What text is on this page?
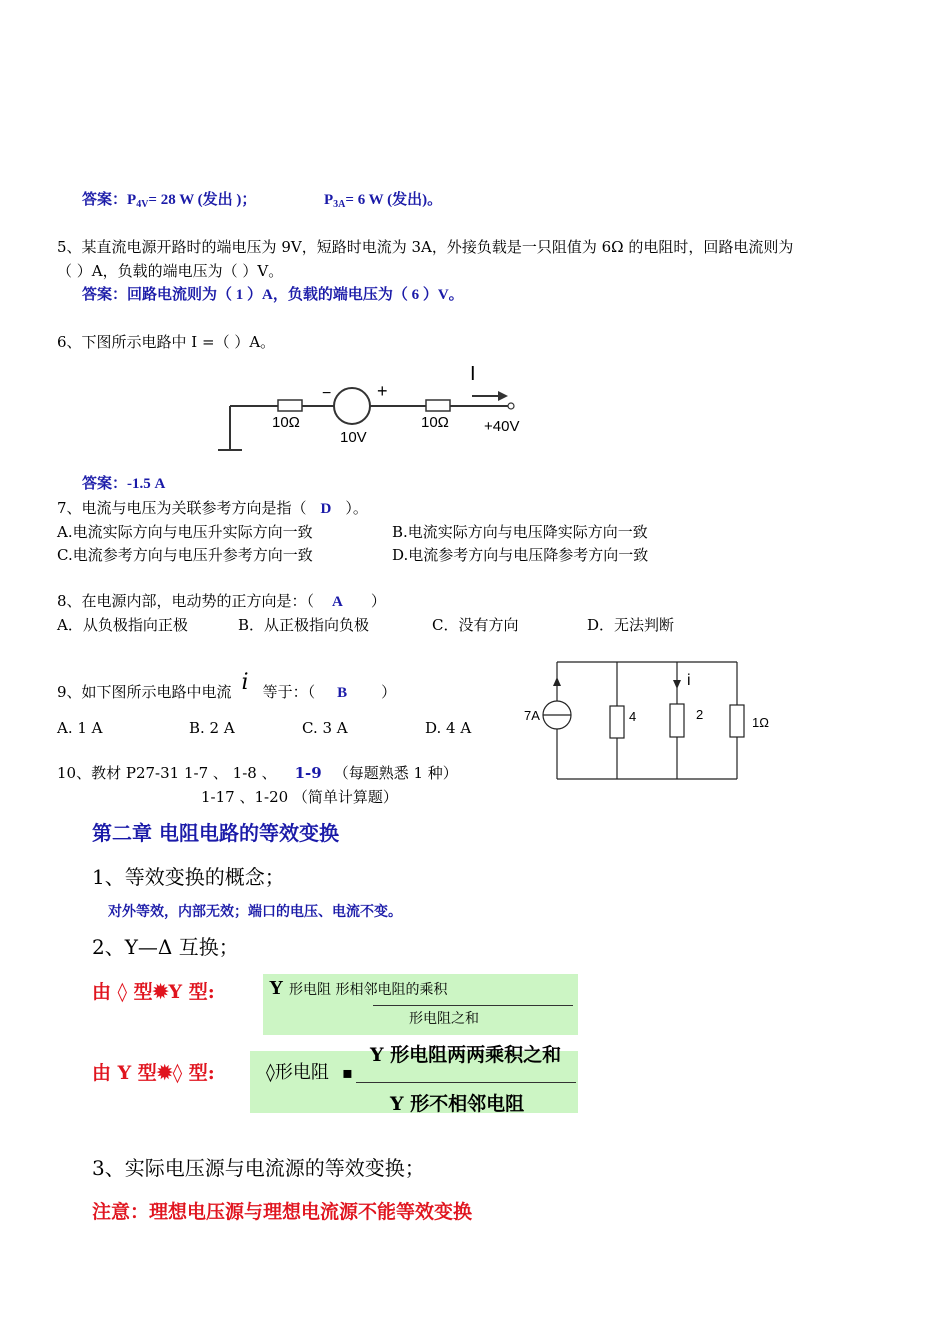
答案：$P_{4V}= 28$ W (发出 )；	$P_{3A}= 6$ W (发出)。
5、某直流电源开路时的端电压为 9V，短路时电流为 3A，外接负载是一只阻值为 6Ω 的电阻时，回路电流则为
（ ）A，负载的端电压为（ ）V。
答案：回路电流则为（ 1 ）A，负载的端电压为（ 6 ）V。
6、下图所示电路中 I =（ ）A。
10Ω
10V
10Ω
−	+
I
+40V
答案：-1.5 A
7、电流与电压为关联参考方向是指（ D ）。
A.电流实际方向与电压升实际方向一致	B.电流实际方向与电压降实际方向一致
C.电流参考方向与电压升参考方向一致	D.电流参考方向与电压降参考方向一致
8、在电源内部，电动势的正方向是：（ A ）
A．从负极指向正极	B．从正极指向负极	C．没有方向	D．无法判断
9、如下图所示电路中电流 i 等于：（ B ）
A. 1 A	B. 2 A	C. 3 A	D. 4 A
7A	4	2
1Ω
i
10、教材 P27-31 1-7 、 1-8 、 1-9 （每题熟悉 1 种）
1-17 、1-20 （简单计算题）
第二章 电阻电路的等效变换
1、等效变换的概念；
对外等效，内部无效；端口的电压、电流不变。
2、Y—Δ 互换；
由 ◊ 型✹Y 型:	Y 形电阻 形相邻电阻的乘积
形电阻之和
由 Y 型✹◊ 型:	◊形电阻 ▪
Y 形电阻两两乘积之和
Y 形不相邻电阻
3、实际电压源与电流源的等效变换；
注意：理想电压源与理想电流源不能等效变换
